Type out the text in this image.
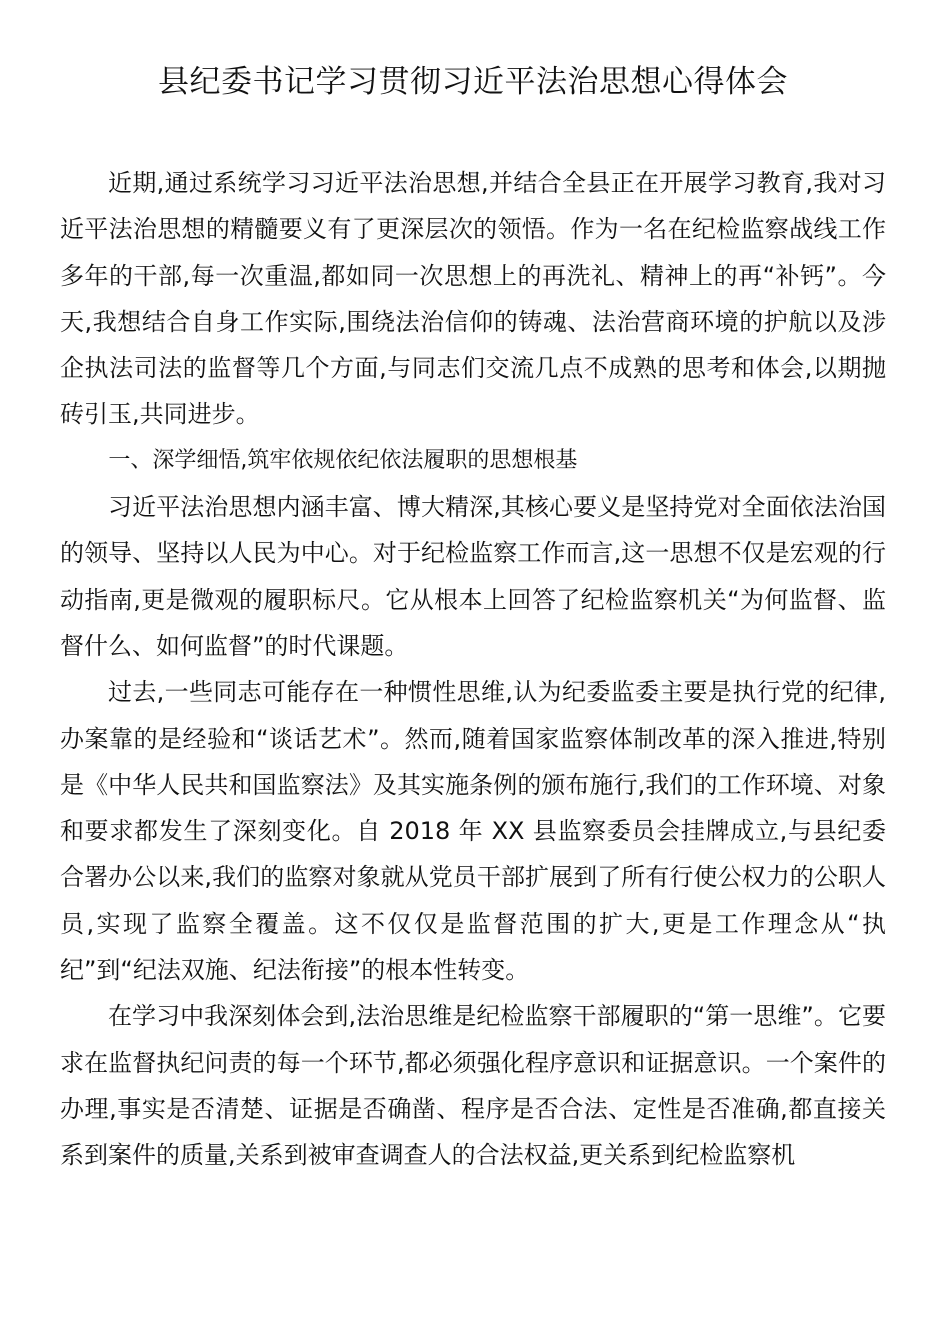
县纪委书记学习贯彻习近平法治思想心得体会

近期,通过系统学习习近平法治思想,并结合全县正在开展学习教育,我对习近平法治思想的精髓要义有了更深层次的领悟。作为一名在纪检监察战线工作多年的干部,每一次重温,都如同一次思想上的再洗礼、精神上的再“补钙”。今天,我想结合自身工作实际,围绕法治信仰的铸魂、法治营商环境的护航以及涉企执法司法的监督等几个方面,与同志们交流几点不成熟的思考和体会,以期抛砖引玉,共同进步。

一、深学细悟,筑牢依规依纪依法履职的思想根基

习近平法治思想内涵丰富、博大精深,其核心要义是坚持党对全面依法治国的领导、坚持以人民为中心。对于纪检监察工作而言,这一思想不仅是宏观的行动指南,更是微观的履职标尺。它从根本上回答了纪检监察机关“为何监督、监督什么、如何监督”的时代课题。

过去,一些同志可能存在一种惯性思维,认为纪委监委主要是执行党的纪律,办案靠的是经验和“谈话艺术”。然而,随着国家监察体制改革的深入推进,特别是《中华人民共和国监察法》及其实施条例的颁布施行,我们的工作环境、对象和要求都发生了深刻变化。自 2018 年 XX 县监察委员会挂牌成立,与县纪委合署办公以来,我们的监察对象就从党员干部扩展到了所有行使公权力的公职人员,实现了监察全覆盖。这不仅仅是监督范围的扩大,更是工作理念从“执纪”到“纪法双施、纪法衔接”的根本性转变。

在学习中我深刻体会到,法治思维是纪检监察干部履职的“第一思维”。它要求在监督执纪问责的每一个环节,都必须强化程序意识和证据意识。一个案件的办理,事实是否清楚、证据是否确凿、程序是否合法、定性是否准确,都直接关系到案件的质量,关系到被审查调查人的合法权益,更关系到纪检监察机
